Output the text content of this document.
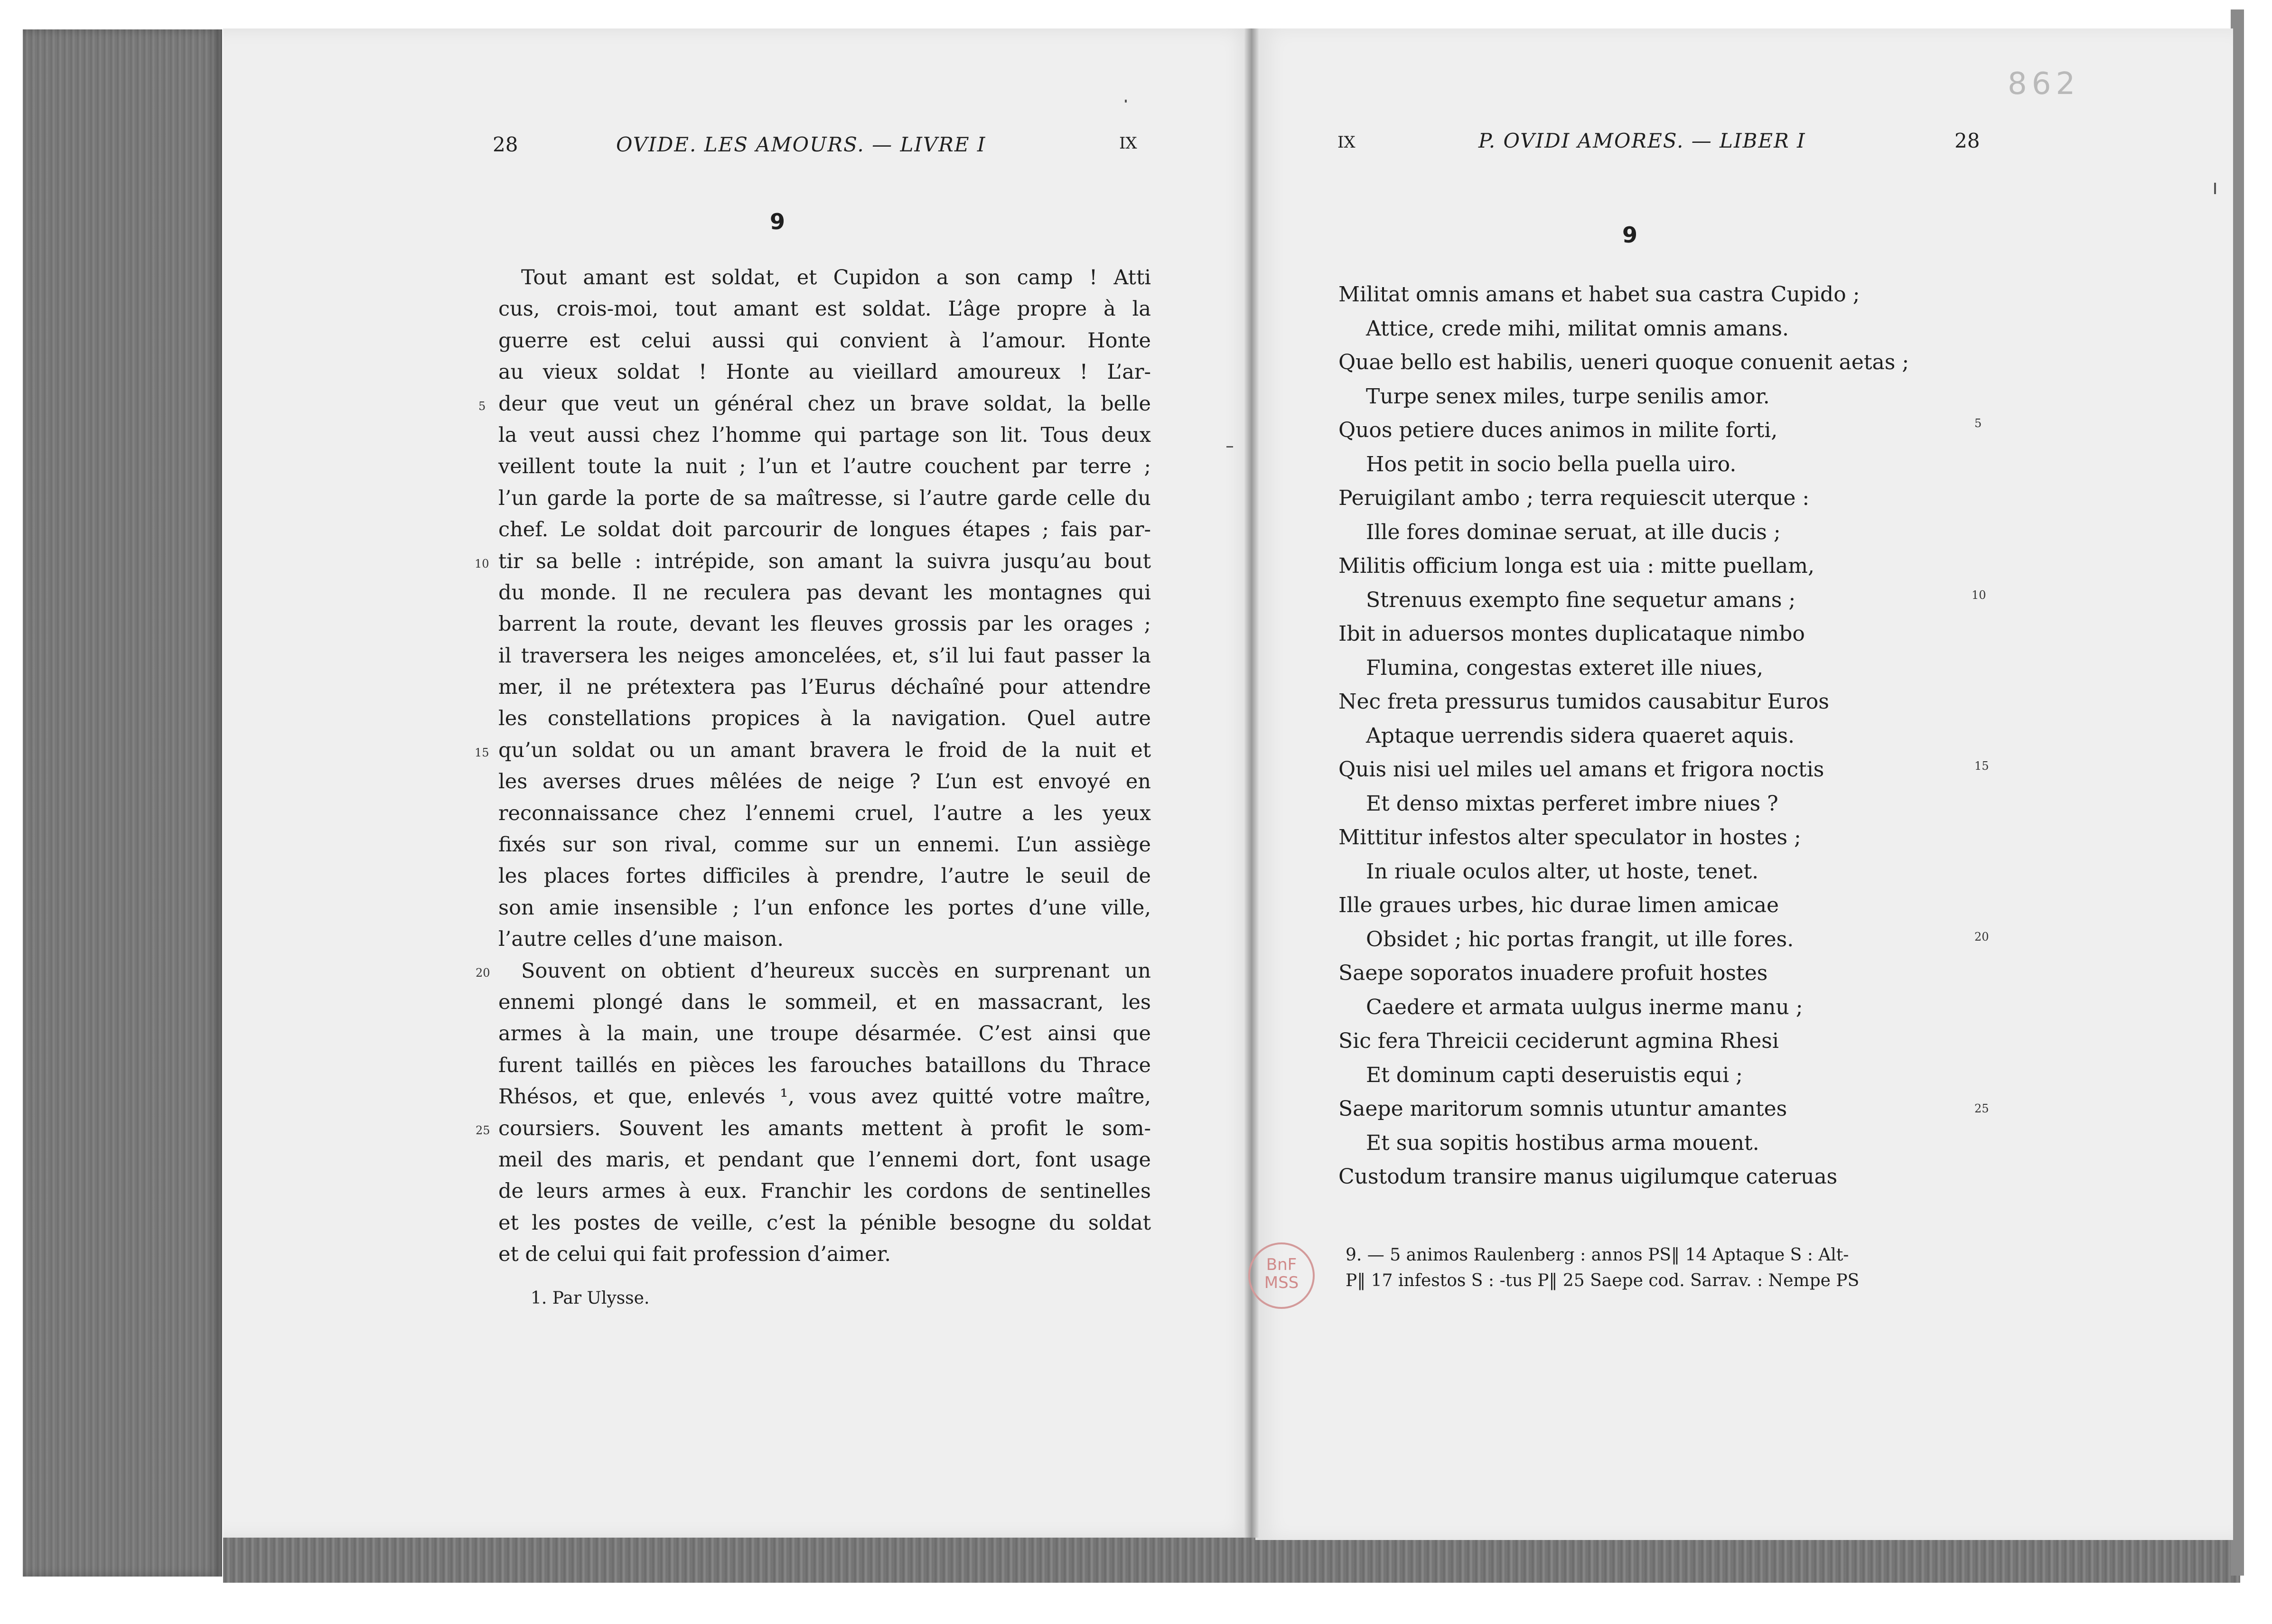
862
28	OVIDE. LES AMOURS. — LIVRE I	IX
9
IX	P. OVIDI AMORES. — LIBER I	28
9
Tout amant est soldat, et Cupidon a son camp ! Atti
cus, crois-moi, tout amant est soldat. L’âge propre à la
guerre est celui aussi qui convient à l’amour. Honte
au vieux soldat ! Honte au vieillard amoureux ! L’ar-
deur que veut un général chez un brave soldat, la belle
la veut aussi chez l’homme qui partage son lit. Tous deux
veillent toute la nuit ; l’un et l’autre couchent par terre ;
l’un garde la porte de sa maîtresse, si l’autre garde celle du
chef. Le soldat doit parcourir de longues étapes ; fais par-
tir sa belle : intrépide, son amant la suivra jusqu’au bout
du monde. Il ne reculera pas devant les montagnes qui
barrent la route, devant les fleuves grossis par les orages ;
il traversera les neiges amoncelées, et, s’il lui faut passer la
mer, il ne prétextera pas l’Eurus déchaîné pour attendre
les constellations propices à la navigation. Quel autre
qu’un soldat ou un amant bravera le froid de la nuit et
les averses drues mêlées de neige ? L’un est envoyé en
reconnaissance chez l’ennemi cruel, l’autre a les yeux
fixés sur son rival, comme sur un ennemi. L’un assiège
les places fortes difficiles à prendre, l’autre le seuil de
son amie insensible ; l’un enfonce les portes d’une ville,
l’autre celles d’une maison.
Souvent on obtient d’heureux succès en surprenant un
ennemi plongé dans le sommeil, et en massacrant, les
armes à la main, une troupe désarmée. C’est ainsi que
furent taillés en pièces les farouches bataillons du Thrace
Rhésos, et que, enlevés ¹, vous avez quitté votre maître,
coursiers. Souvent les amants mettent à profit le som-
meil des maris, et pendant que l’ennemi dort, font usage
de leurs armes à eux. Franchir les cordons de sentinelles
et les postes de veille, c’est la pénible besogne du soldat
et de celui qui fait profession d’aimer.
5
10
15
20
25
1. Par Ulysse.
Militat omnis amans et habet sua castra Cupido ;
Attice, crede mihi, militat omnis amans.
Quae bello est habilis, ueneri quoque conuenit aetas ;
Turpe senex miles, turpe senilis amor.
Quos petiere duces animos in milite forti,
Hos petit in socio bella puella uiro.
Peruigilant ambo ; terra requiescit uterque :
Ille fores dominae seruat, at ille ducis ;
Militis officium longa est uia : mitte puellam,
Strenuus exempto fine sequetur amans ;
Ibit in aduersos montes duplicataque nimbo
Flumina, congestas exteret ille niues,
Nec freta pressurus tumidos causabitur Euros
Aptaque uerrendis sidera quaeret aquis.
Quis nisi uel miles uel amans et frigora noctis
Et denso mixtas perferet imbre niues ?
Mittitur infestos alter speculator in hostes ;
In riuale oculos alter, ut hoste, tenet.
Ille graues urbes, hic durae limen amicae
Obsidet ; hic portas frangit, ut ille fores.
Saepe soporatos inuadere profuit hostes
Caedere et armata uulgus inerme manu ;
Sic fera Threicii ceciderunt agmina Rhesi
Et dominum capti deseruistis equi ;
Saepe maritorum somnis utuntur amantes
Et sua sopitis hostibus arma mouent.
Custodum transire manus uigilumque cateruas
5
10
15
20
25
9. — 5 animos Raulenberg : annos PS‖ 14 Aptaque S : Alt-
P‖ 17 infestos S : -tus P‖ 25 Saepe cod. Sarrav. : Nempe PS
BnF
MSS
